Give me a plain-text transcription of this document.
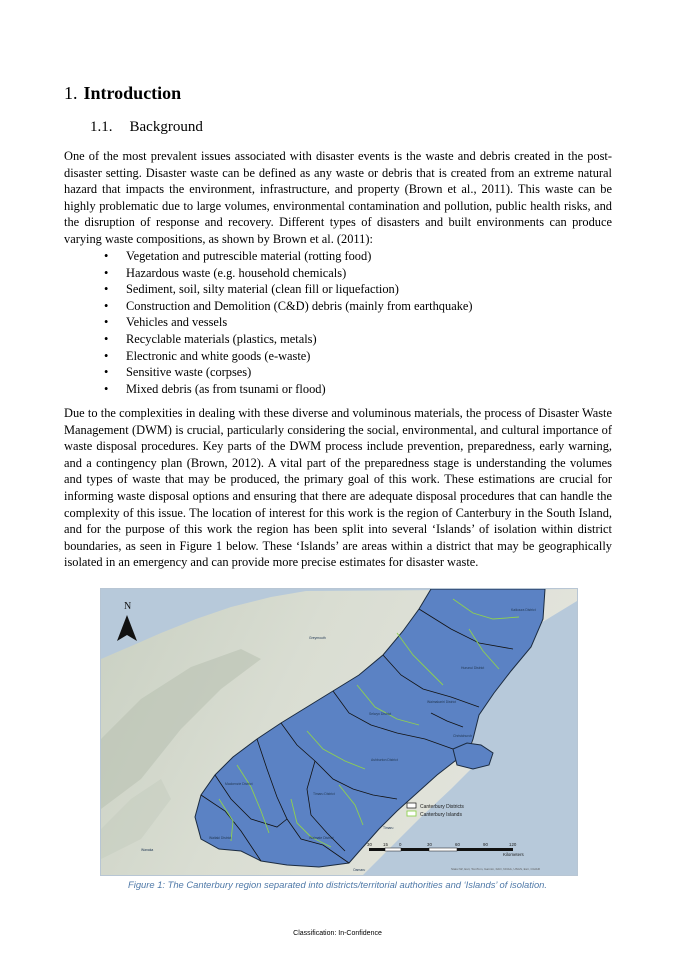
1. Introduction
1.1. Background

One of the most prevalent issues associated with disaster events is the waste and debris created in the post-disaster setting. Disaster waste can be defined as any waste or debris that is created from an extreme natural hazard that impacts the environment, infrastructure, and property (Brown et al., 2011). This waste can be highly problematic due to large volumes, environmental contamination and pollution, public health risks, and the disruption of response and recovery. Different types of disasters and built environments can produce varying waste compositions, as shown by Brown et al. (2011):

• Vegetation and putrescible material (rotting food)
• Hazardous waste (e.g. household chemicals)
• Sediment, soil, silty material (clean fill or liquefaction)
• Construction and Demolition (C&D) debris (mainly from earthquake)
• Vehicles and vessels
• Recyclable materials (plastics, metals)
• Electronic and white goods (e-waste)
• Sensitive waste (corpses)
• Mixed debris (as from tsunami or flood)

Due to the complexities in dealing with these diverse and voluminous materials, the process of Disaster Waste Management (DWM) is crucial, particularly considering the social, environmental, and cultural importance of waste disposal procedures. Key parts of the DWM process include prevention, preparedness, early warning, and a contingency plan (Brown, 2012). A vital part of the preparedness stage is understanding the volumes and types of waste that may be produced, the primary goal of this work. These estimations are crucial for informing waste disposal options and ensuring that there are adequate disposal procedures that can handle the complexity of this issue. The location of interest for this work is the region of Canterbury in the South Island, and for the purpose of this work the region has been split into several ‘Islands’ of isolation within district boundaries, as seen in Figure 1 below. These ‘Islands’ are areas within a district that may be geographically isolated in an emergency and can provide more precise estimates for disaster waste.

Greymouth
Christchurch
Timaru
Oamaru
Wanaka
Kaikoura District
Hurunui District
Selwyn District
Waimakariri District
Ashburton District
Mackenzie District
Timaru District
Waimate District
Waitaki District
N
Canterbury Districts
Canterbury Islands
30	15	0	30	60	90	120
Kilometers
Stats NZ, Esri, TomTom, Garmin, FAO, NOAA, USGS, Esri, CGIAR
Figure 1: The Canterbury region separated into districts/territorial authorities and ‘Islands’ of isolation.
Classification: In-Confidence
